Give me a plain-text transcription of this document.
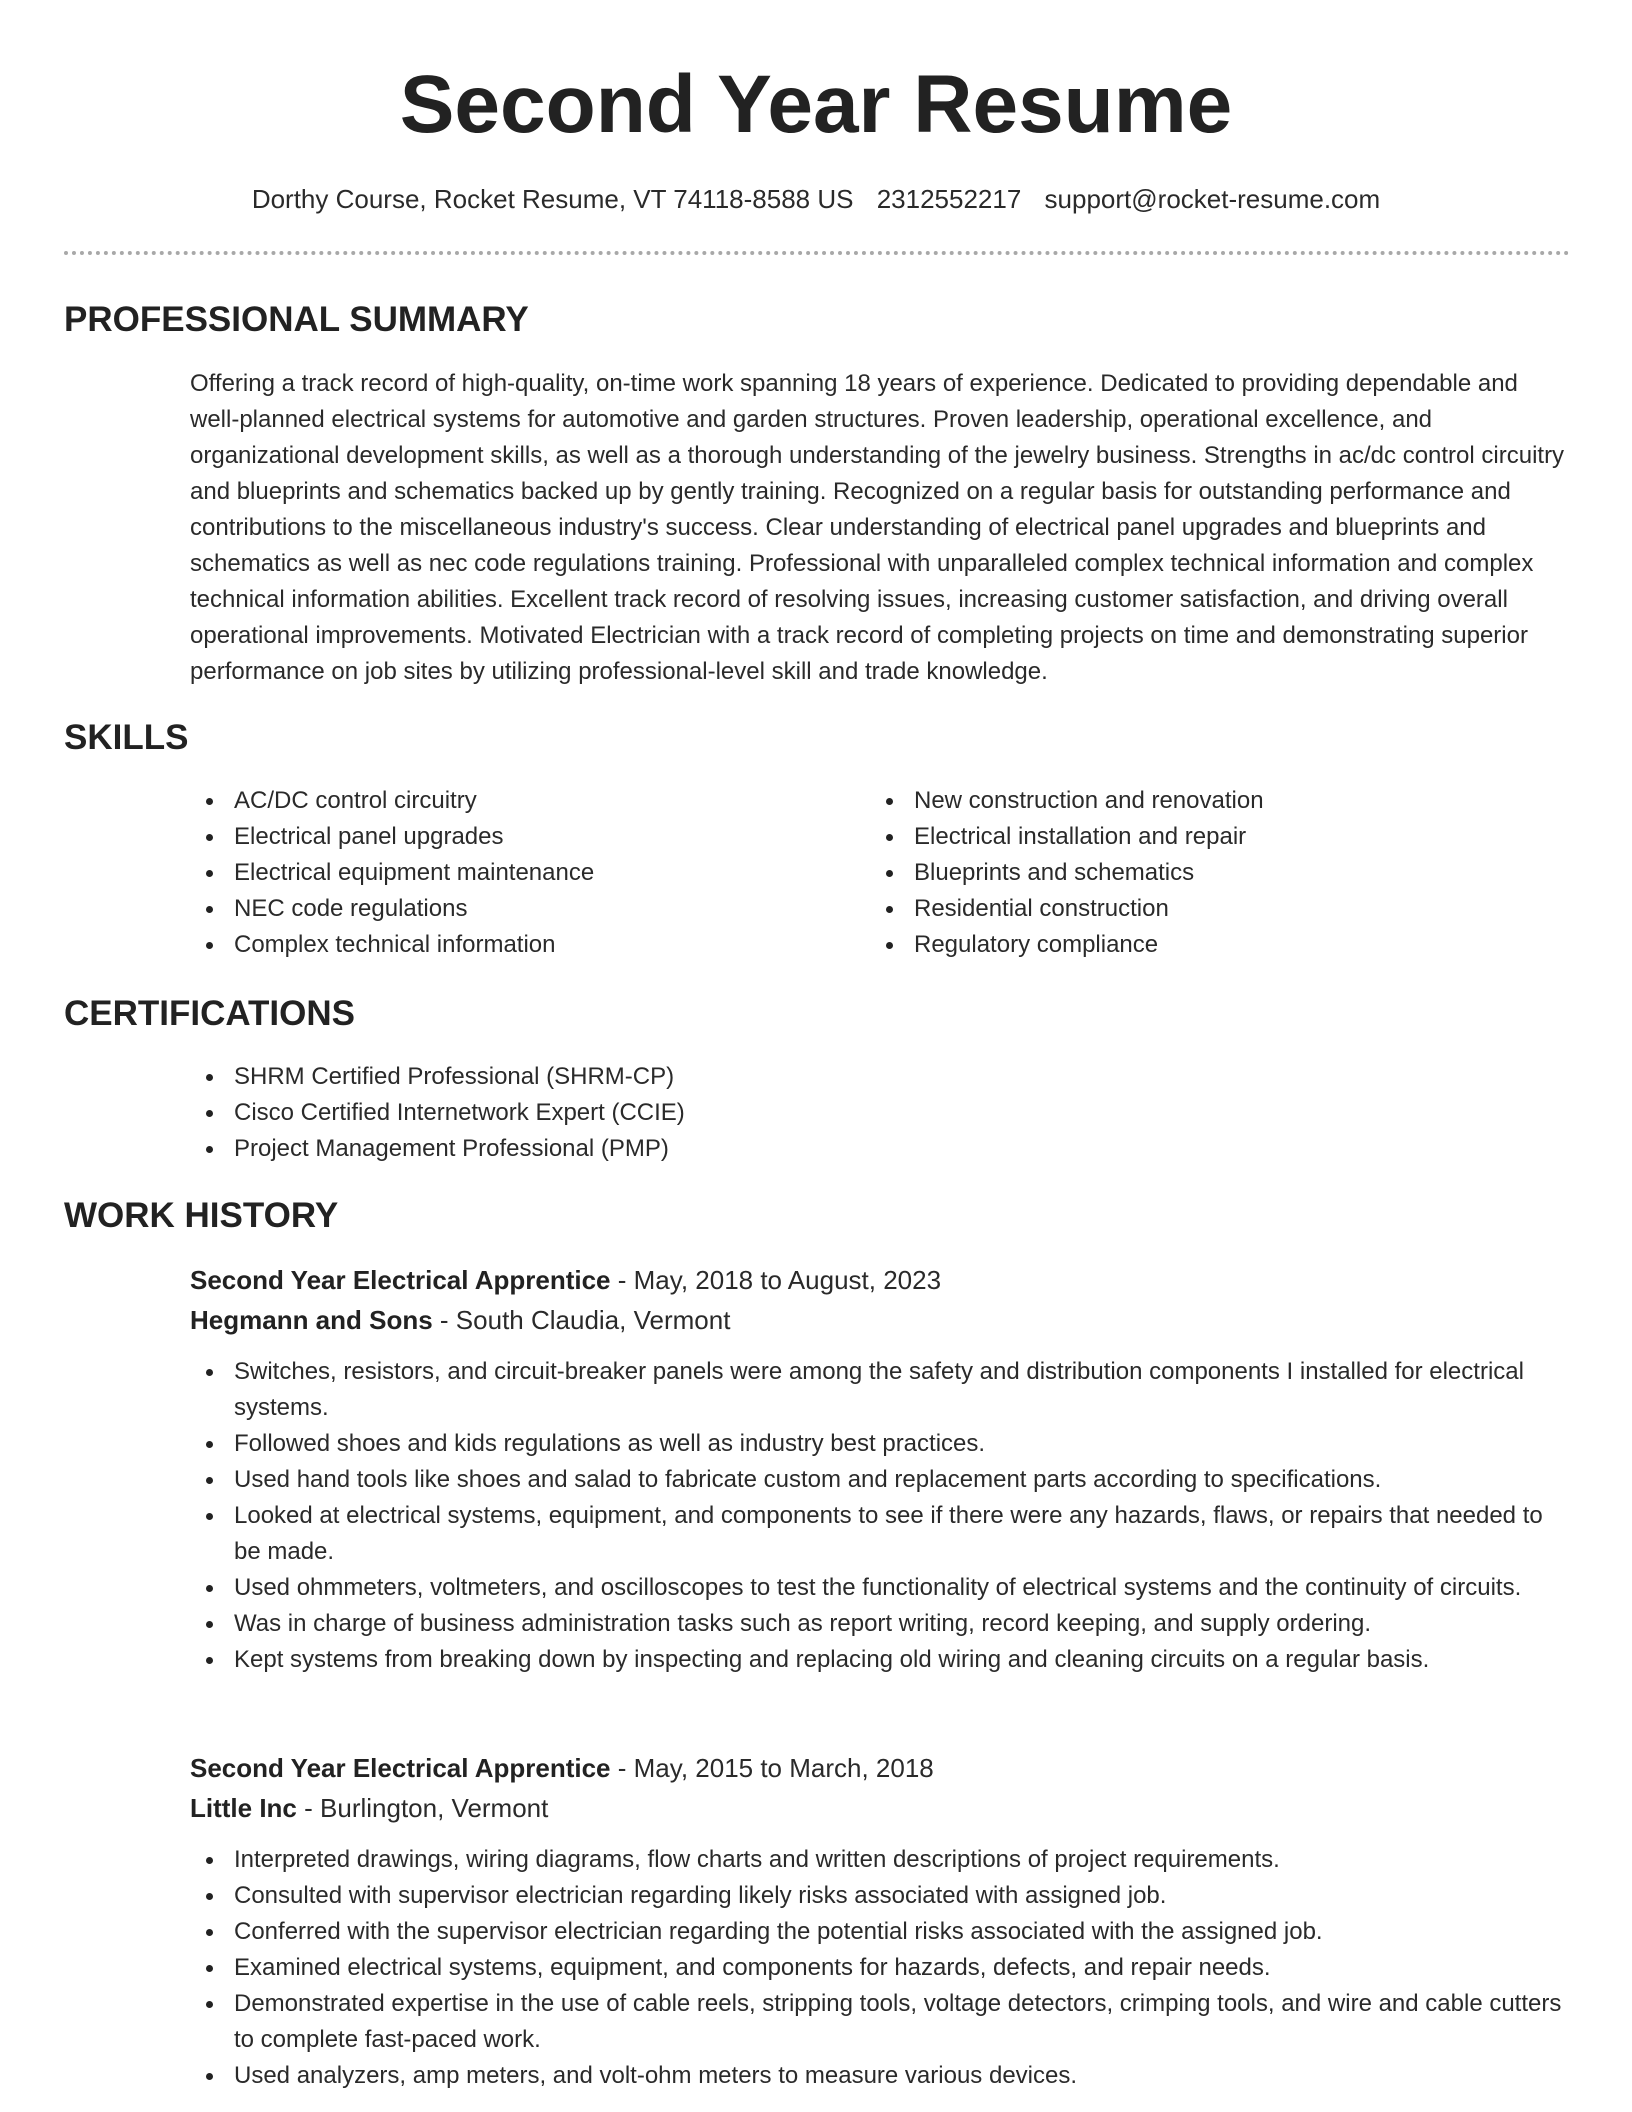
Second Year Resume
Dorthy Course, Rocket Resume, VT 74118-8588 US 2312552217 support@rocket-resume.com
PROFESSIONAL SUMMARY

Offering a track record of high-quality, on-time work spanning 18 years of experience. Dedicated to providing dependable and well-planned electrical systems for automotive and garden structures. Proven leadership, operational excellence, and organizational development skills, as well as a thorough understanding of the jewelry business. Strengths in ac/dc control circuitry and blueprints and schematics backed up by gently training. Recognized on a regular basis for outstanding performance and contributions to the miscellaneous industry's success. Clear understanding of electrical panel upgrades and blueprints and schematics as well as nec code regulations training. Professional with unparalleled complex technical information and complex technical information abilities. Excellent track record of resolving issues, increasing customer satisfaction, and driving overall operational improvements. Motivated Electrician with a track record of completing projects on time and demonstrating superior performance on job sites by utilizing professional-level skill and trade knowledge.

SKILLS
AC/DC control circuitry
Electrical panel upgrades
Electrical equipment maintenance
NEC code regulations
Complex technical information
New construction and renovation
Electrical installation and repair
Blueprints and schematics
Residential construction
Regulatory compliance
CERTIFICATIONS
SHRM Certified Professional (SHRM-CP)
Cisco Certified Internetwork Expert (CCIE)
Project Management Professional (PMP)
WORK HISTORY
Second Year Electrical Apprentice - May, 2018 to August, 2023
Hegmann and Sons - South Claudia, Vermont
Switches, resistors, and circuit-breaker panels were among the safety and distribution components I installed for electrical systems.
Followed shoes and kids regulations as well as industry best practices.
Used hand tools like shoes and salad to fabricate custom and replacement parts according to specifications.
Looked at electrical systems, equipment, and components to see if there were any hazards, flaws, or repairs that needed to be made.
Used ohmmeters, voltmeters, and oscilloscopes to test the functionality of electrical systems and the continuity of circuits.
Was in charge of business administration tasks such as report writing, record keeping, and supply ordering.
Kept systems from breaking down by inspecting and replacing old wiring and cleaning circuits on a regular basis.
Second Year Electrical Apprentice - May, 2015 to March, 2018
Little Inc - Burlington, Vermont
Interpreted drawings, wiring diagrams, flow charts and written descriptions of project requirements.
Consulted with supervisor electrician regarding likely risks associated with assigned job.
Conferred with the supervisor electrician regarding the potential risks associated with the assigned job.
Examined electrical systems, equipment, and components for hazards, defects, and repair needs.
Demonstrated expertise in the use of cable reels, stripping tools, voltage detectors, crimping tools, and wire and cable cutters to complete fast-paced work.
Used analyzers, amp meters, and volt-ohm meters to measure various devices.
